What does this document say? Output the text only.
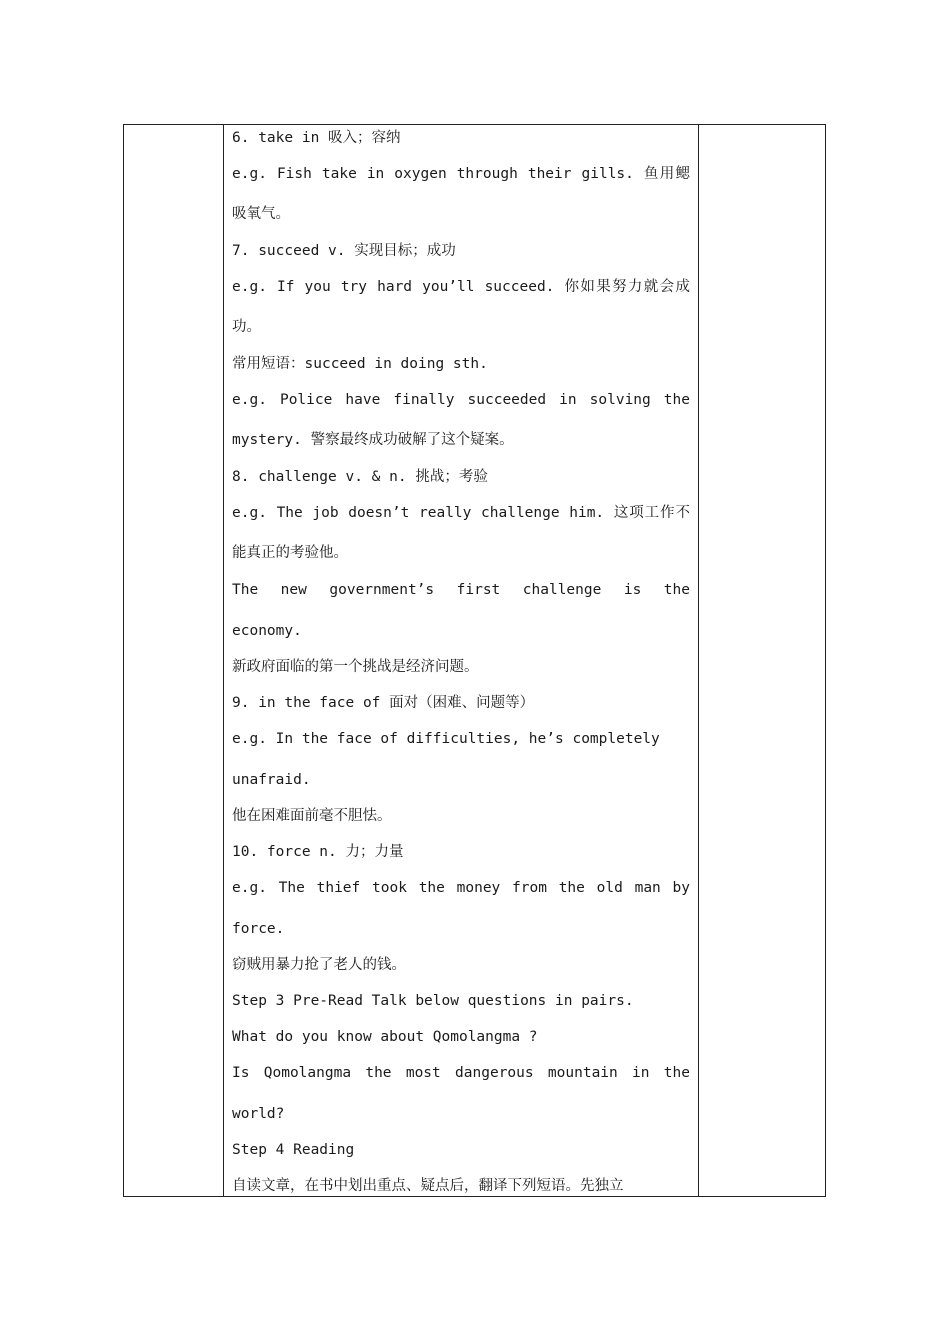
6. take in 吸入；容纳
e.g. Fish take in oxygen through their gills. 鱼用鳃
吸氧气。
7. succeed v. 实现目标；成功
e.g. If you try hard you’ll succeed. 你如果努力就会成
功。
常用短语：succeed in doing sth.
e.g. Police have finally succeeded in solving the
mystery. 警察最终成功破解了这个疑案。
8. challenge v. & n. 挑战；考验
e.g. The job doesn’t really challenge him. 这项工作不
能真正的考验他。
The new government’s first challenge is the
economy.
新政府面临的第一个挑战是经济问题。
9. in the face of 面对（困难、问题等）
e.g. In the face of difficulties, he’s completely
unafraid.
他在困难面前毫不胆怯。
10. force n. 力；力量
e.g. The thief took the money from the old man by
force.
窃贼用暴力抢了老人的钱。
Step 3 Pre-Read Talk below questions in pairs.
What do you know about Qomolangma ?
Is Qomolangma the most dangerous mountain in the
world?
Step 4 Reading
自读文章，在书中划出重点、疑点后，翻译下列短语。先独立
